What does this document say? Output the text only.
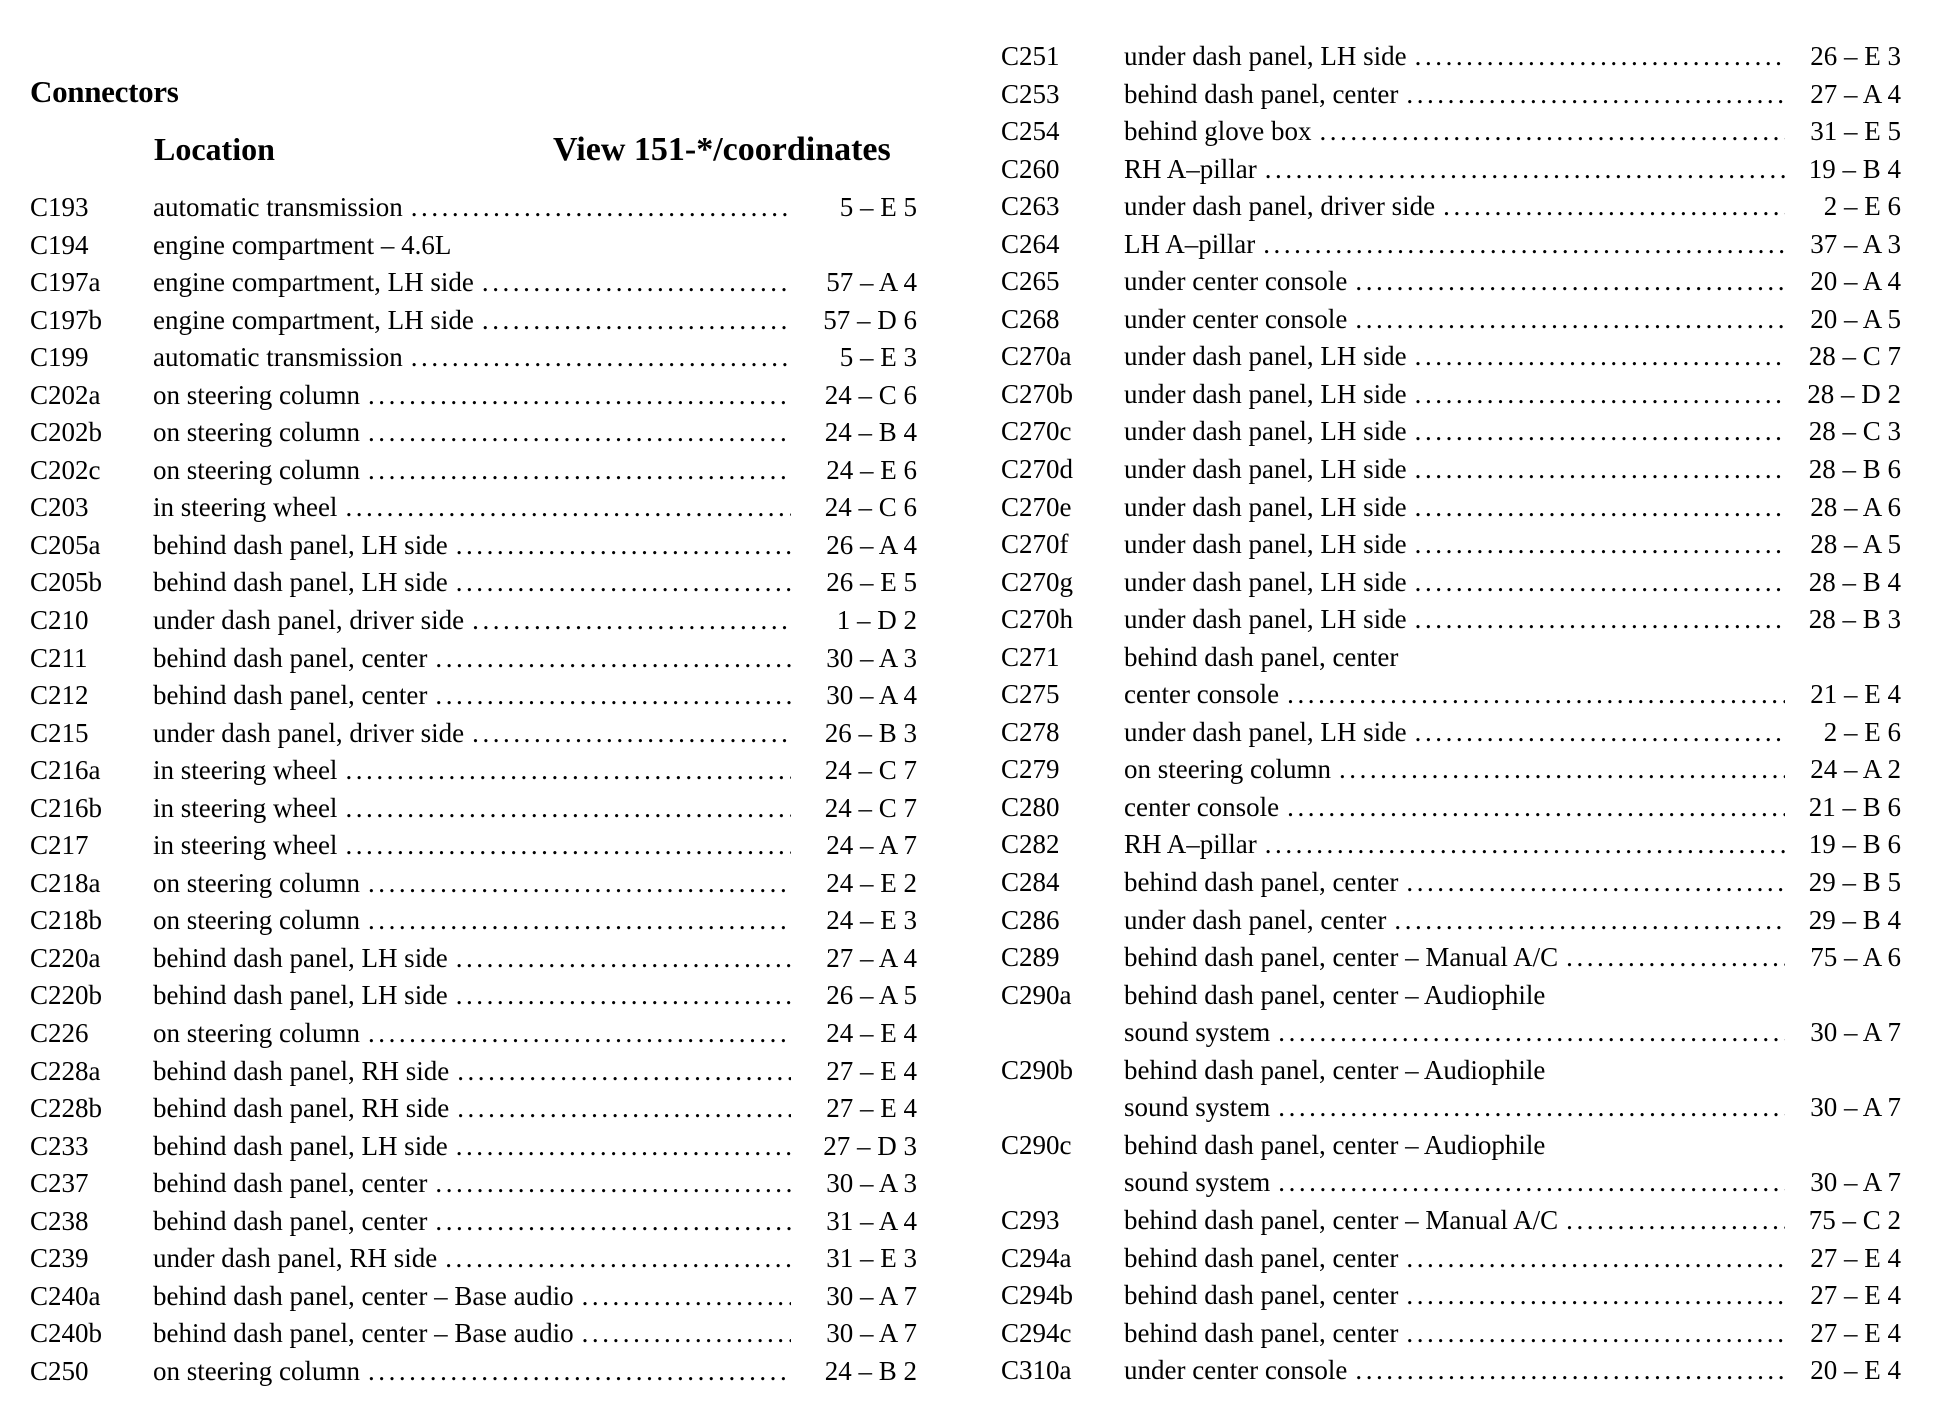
Connectors
Location	View 151-*/coordinates
C193	automatic transmission . . .	5 – E 5
C194	engine compartment – 4.6L
C197a	engine compartment, LH side . . .	57 – A 4
C197b	engine compartment, LH side . . .	57 – D 6
C199	automatic transmission . . .	5 – E 3
C202a	on steering column . . .	24 – C 6
C202b	on steering column . . .	24 – B 4
C202c	on steering column . . .	24 – E 6
C203	in steering wheel . . .	24 – C 6
C205a	behind dash panel, LH side . . .	26 – A 4
C205b	behind dash panel, LH side . . .	26 – E 5
C210	under dash panel, driver side . . .	1 – D 2
C211	behind dash panel, center . . .	30 – A 3
C212	behind dash panel, center . . .	30 – A 4
C215	under dash panel, driver side . . .	26 – B 3
C216a	in steering wheel . . .	24 – C 7
C216b	in steering wheel . . .	24 – C 7
C217	in steering wheel . . .	24 – A 7
C218a	on steering column . . .	24 – E 2
C218b	on steering column . . .	24 – E 3
C220a	behind dash panel, LH side . . .	27 – A 4
C220b	behind dash panel, LH side . . .	26 – A 5
C226	on steering column . . .	24 – E 4
C228a	behind dash panel, RH side . . .	27 – E 4
C228b	behind dash panel, RH side . . .	27 – E 4
C233	behind dash panel, LH side . . .	27 – D 3
C237	behind dash panel, center . . .	30 – A 3
C238	behind dash panel, center . . .	31 – A 4
C239	under dash panel, RH side . . .	31 – E 3
C240a	behind dash panel, center – Base audio . . .	30 – A 7
C240b	behind dash panel, center – Base audio . . .	30 – A 7
C250	on steering column . . .	24 – B 2
C251	under dash panel, LH side . . .	26 – E 3
C253	behind dash panel, center . . .	27 – A 4
C254	behind glove box . . .	31 – E 5
C260	RH A–pillar . . .	19 – B 4
C263	under dash panel, driver side . . .	2 – E 6
C264	LH A–pillar . . .	37 – A 3
C265	under center console . . .	20 – A 4
C268	under center console . . .	20 – A 5
C270a	under dash panel, LH side . . .	28 – C 7
C270b	under dash panel, LH side . . .	28 – D 2
C270c	under dash panel, LH side . . .	28 – C 3
C270d	under dash panel, LH side . . .	28 – B 6
C270e	under dash panel, LH side . . .	28 – A 6
C270f	under dash panel, LH side . . .	28 – A 5
C270g	under dash panel, LH side . . .	28 – B 4
C270h	under dash panel, LH side . . .	28 – B 3
C271	behind dash panel, center
C275	center console . . .	21 – E 4
C278	under dash panel, LH side . . .	2 – E 6
C279	on steering column . . .	24 – A 2
C280	center console . . .	21 – B 6
C282	RH A–pillar . . .	19 – B 6
C284	behind dash panel, center . . .	29 – B 5
C286	under dash panel, center . . .	29 – B 4
C289	behind dash panel, center – Manual A/C . . .	75 – A 6
C290a	behind dash panel, center – Audiophile
sound system . . .	30 – A 7
C290b	behind dash panel, center – Audiophile
sound system . . .	30 – A 7
C290c	behind dash panel, center – Audiophile
sound system . . .	30 – A 7
C293	behind dash panel, center – Manual A/C . . .	75 – C 2
C294a	behind dash panel, center . . .	27 – E 4
C294b	behind dash panel, center . . .	27 – E 4
C294c	behind dash panel, center . . .	27 – E 4
C310a	under center console . . .	20 – E 4
